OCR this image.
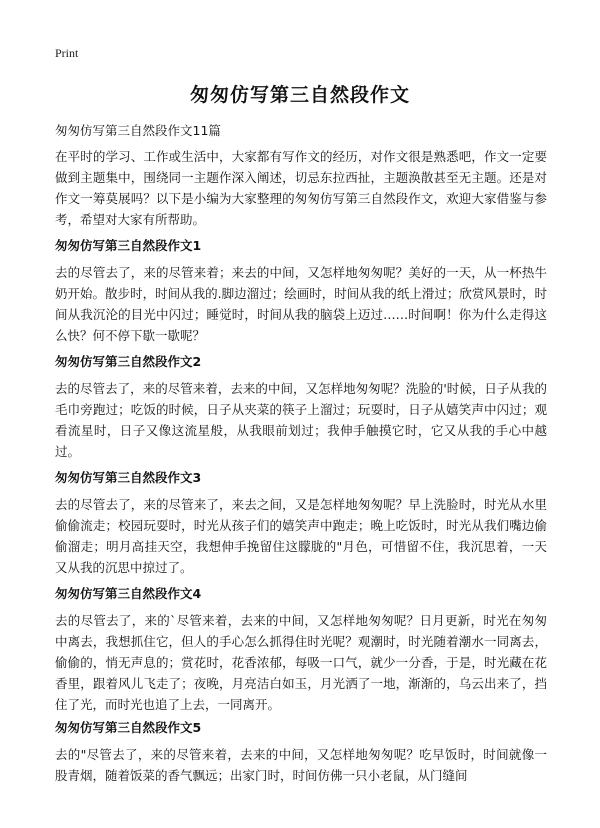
Print
匆匆仿写第三自然段作文
匆匆仿写第三自然段作文11篇

在平时的学习、工作或生活中，大家都有写作文的经历，对作文很是熟悉吧，作文一定要做到主题集中，围绕同一主题作深入阐述，切忌东拉西扯，主题涣散甚至无主题。还是对作文一筹莫展吗？以下是小编为大家整理的匆匆仿写第三自然段作文，欢迎大家借鉴与参考，希望对大家有所帮助。

匆匆仿写第三自然段作文1

去的尽管去了，来的尽管来着；来去的中间，又怎样地匆匆呢？美好的一天，从一杯热牛奶开始。散步时，时间从我的.脚边溜过；绘画时，时间从我的纸上滑过；欣赏风景时，时间从我沉沦的目光中闪过；睡觉时，时间从我的脑袋上迈过……时间啊！你为什么走得这么快？何不停下歇一歇呢？

匆匆仿写第三自然段作文2

去的尽管去了，来的尽管来着，去来的中间，又怎样地匆匆呢？洗脸的'时候，日子从我的毛巾旁跑过；吃饭的时候，日子从夹菜的筷子上溜过；玩耍时，日子从嬉笑声中闪过；观看流星时，日子又像这流星般，从我眼前划过；我伸手触摸它时，它又从我的手心中越过。

匆匆仿写第三自然段作文3

去的尽管去了，来的尽管来了，来去之间，又是怎样地匆匆呢？早上洗脸时，时光从水里偷偷流走；校园玩耍时，时光从孩子们的嬉笑声中跑走；晚上吃饭时，时光从我们嘴边偷偷溜走；明月高挂天空，我想伸手挽留住这朦胧的"月色，可惜留不住，我沉思着，一天又从我的沉思中掠过了。

匆匆仿写第三自然段作文4

去的尽管去了，来的`尽管来着，去来的中间，又怎样地匆匆呢？日月更新，时光在匆匆中离去，我想抓住它，但人的手心怎么抓得住时光呢？观潮时，时光随着潮水一同离去，偷偷的，悄无声息的；赏花时，花香浓郁，每吸一口气，就少一分香，于是，时光藏在花香里，跟着风儿飞走了；夜晚，月亮洁白如玉，月光洒了一地，渐渐的，乌云出来了，挡住了光，而时光也追了上去，一同离开。

匆匆仿写第三自然段作文5

去的"尽管去了，来的尽管来着，去来的中间，又怎样地匆匆呢？吃早饭时，时间就像一股青烟，随着饭菜的香气飘远；出家门时，时间仿佛一只小老鼠，从门缝间
